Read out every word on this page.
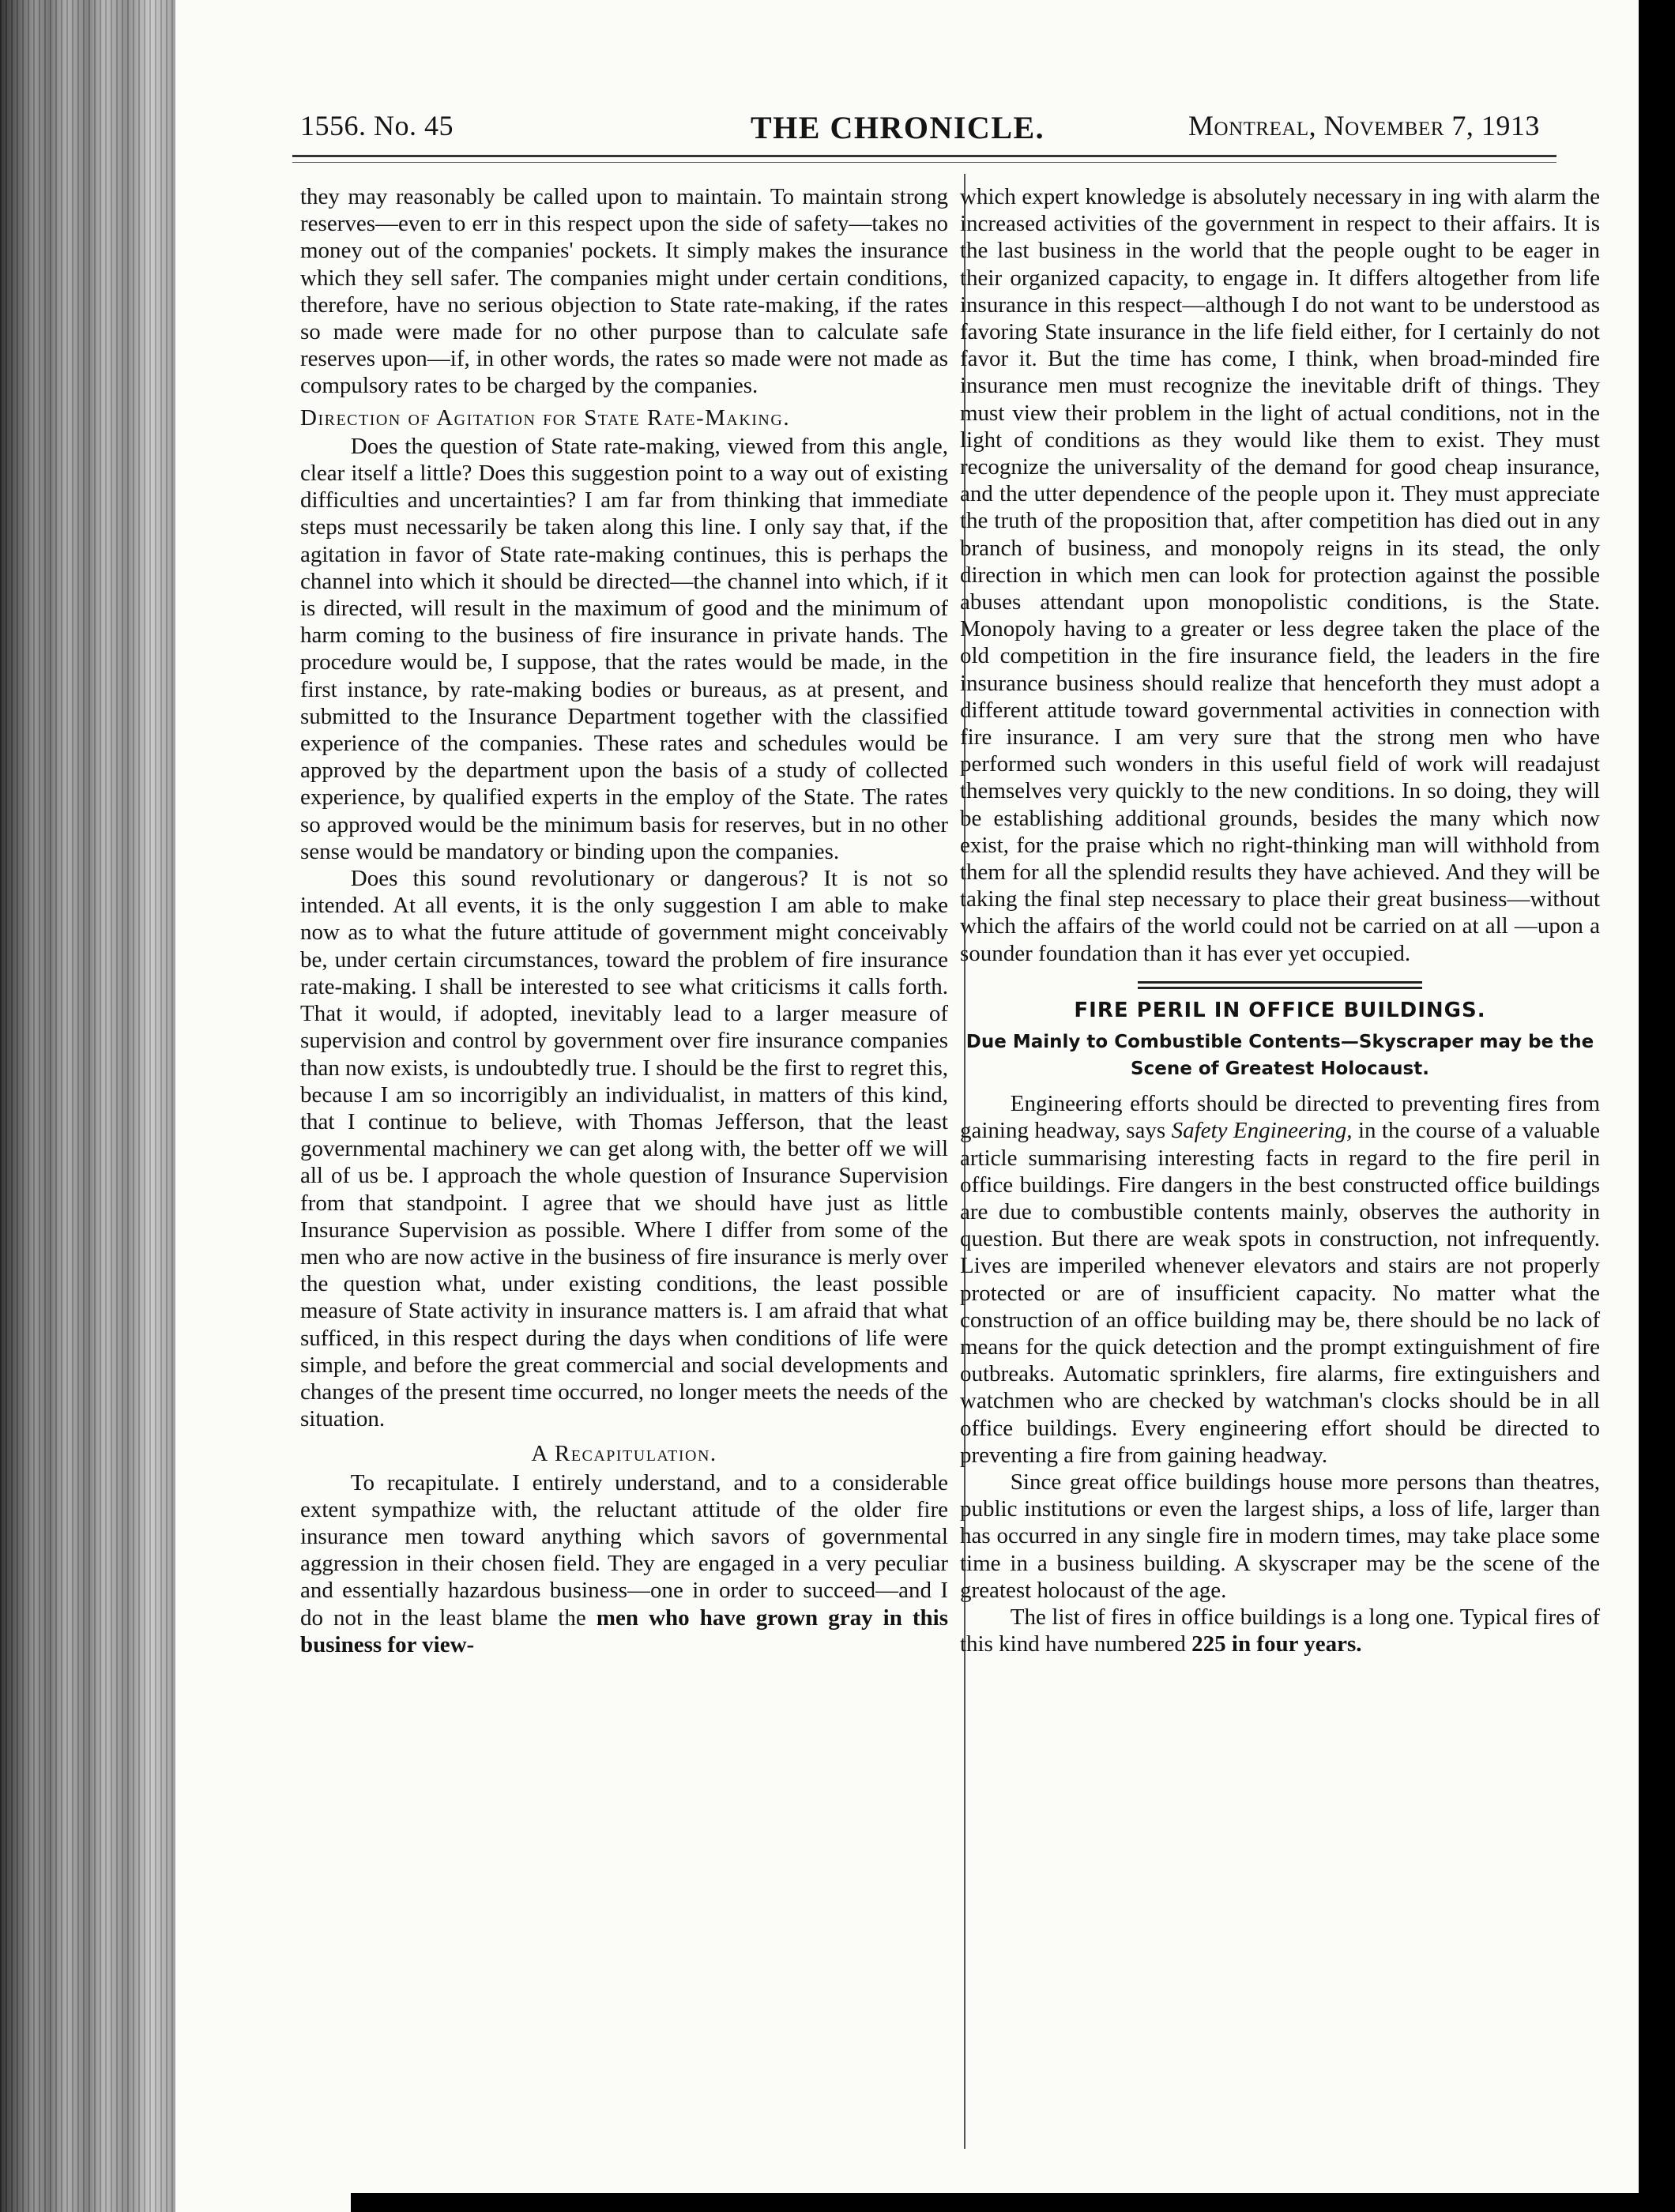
1556. No. 45	THE CHRONICLE.	Montreal, November 7, 1913

they may reasonably be called upon to maintain. To maintain strong reserves—even to err in this respect upon the side of safety—takes no money out of the companies' pockets. It simply makes the insurance which they sell safer. The companies might under certain conditions, therefore, have no serious objection to State rate-making, if the rates so made were made for no other purpose than to calculate safe reserves upon—if, in other words, the rates so made were not made as compulsory rates to be charged by the companies.

Direction of Agitation for State Rate-Making.

Does the question of State rate-making, viewed from this angle, clear itself a little? Does this suggestion point to a way out of existing difficulties and uncertainties? I am far from thinking that immediate steps must necessarily be taken along this line. I only say that, if the agitation in favor of State rate-making continues, this is perhaps the channel into which it should be directed—the channel into which, if it is directed, will result in the maximum of good and the minimum of harm coming to the business of fire insurance in private hands. The procedure would be, I suppose, that the rates would be made, in the first instance, by rate-making bodies or bureaus, as at present, and submitted to the Insurance Department together with the classified experience of the companies. These rates and schedules would be approved by the department upon the basis of a study of collected experience, by qualified experts in the employ of the State. The rates so approved would be the minimum basis for reserves, but in no other sense would be mandatory or binding upon the companies.

Does this sound revolutionary or dangerous? It is not so intended. At all events, it is the only suggestion I am able to make now as to what the future attitude of government might conceivably be, under certain circumstances, toward the problem of fire insurance rate-making. I shall be interested to see what criticisms it calls forth. That it would, if adopted, inevitably lead to a larger measure of supervision and control by government over fire insurance companies than now exists, is undoubtedly true. I should be the first to regret this, because I am so incorrigibly an individualist, in matters of this kind, that I continue to believe, with Thomas Jefferson, that the least governmental machinery we can get along with, the better off we will all of us be. I approach the whole question of Insurance Supervision from that standpoint. I agree that we should have just as little Insurance Supervision as possible. Where I differ from some of the men who are now active in the business of fire insurance is merly over the question what, under existing conditions, the least possible measure of State activity in insurance matters is. I am afraid that what sufficed, in this respect during the days when conditions of life were simple, and before the great commercial and social developments and changes of the present time occurred, no longer meets the needs of the situation.

A Recapitulation.

To recapitulate. I entirely understand, and to a considerable extent sympathize with, the reluctant attitude of the older fire insurance men toward anything which savors of governmental aggression in their chosen field. They are engaged in a very peculiar and essentially hazardous business—one in order to succeed—and I do not in the least blame the men who have grown gray in this business for view-

which expert knowledge is absolutely necessary in ing with alarm the increased activities of the government in respect to their affairs. It is the last business in the world that the people ought to be eager in their organized capacity, to engage in. It differs altogether from life insurance in this respect—although I do not want to be understood as favoring State insurance in the life field either, for I certainly do not favor it. But the time has come, I think, when broad-minded fire insurance men must recognize the inevitable drift of things. They must view their problem in the light of actual conditions, not in the light of conditions as they would like them to exist. They must recognize the universality of the demand for good cheap insurance, and the utter dependence of the people upon it. They must appreciate the truth of the proposition that, after competition has died out in any branch of business, and monopoly reigns in its stead, the only direction in which men can look for protection against the possible abuses attendant upon monopolistic conditions, is the State. Monopoly having to a greater or less degree taken the place of the old competition in the fire insurance field, the leaders in the fire insurance business should realize that henceforth they must adopt a different attitude toward governmental activities in connection with fire insurance. I am very sure that the strong men who have performed such wonders in this useful field of work will readajust themselves very quickly to the new conditions. In so doing, they will be establishing additional grounds, besides the many which now exist, for the praise which no right-thinking man will withhold from them for all the splendid results they have achieved. And they will be taking the final step necessary to place their great business—without which the affairs of the world could not be carried on at all —upon a sounder foundation than it has ever yet occupied.

FIRE PERIL IN OFFICE BUILDINGS.
Due Mainly to Combustible Contents—Skyscraper may be the Scene of Greatest Holocaust.

Engineering efforts should be directed to preventing fires from gaining headway, says Safety Engineering, in the course of a valuable article summarising interesting facts in regard to the fire peril in office buildings. Fire dangers in the best constructed office buildings are due to combustible contents mainly, observes the authority in question. But there are weak spots in construction, not infrequently. Lives are imperiled whenever elevators and stairs are not properly protected or are of insufficient capacity. No matter what the construction of an office building may be, there should be no lack of means for the quick detection and the prompt extinguishment of fire outbreaks. Automatic sprinklers, fire alarms, fire extinguishers and watchmen who are checked by watchman's clocks should be in all office buildings. Every engineering effort should be directed to preventing a fire from gaining headway.

Since great office buildings house more persons than theatres, public institutions or even the largest ships, a loss of life, larger than has occurred in any single fire in modern times, may take place some time in a business building. A skyscraper may be the scene of the greatest holocaust of the age.

The list of fires in office buildings is a long one. Typical fires of this kind have numbered 225 in four years.
